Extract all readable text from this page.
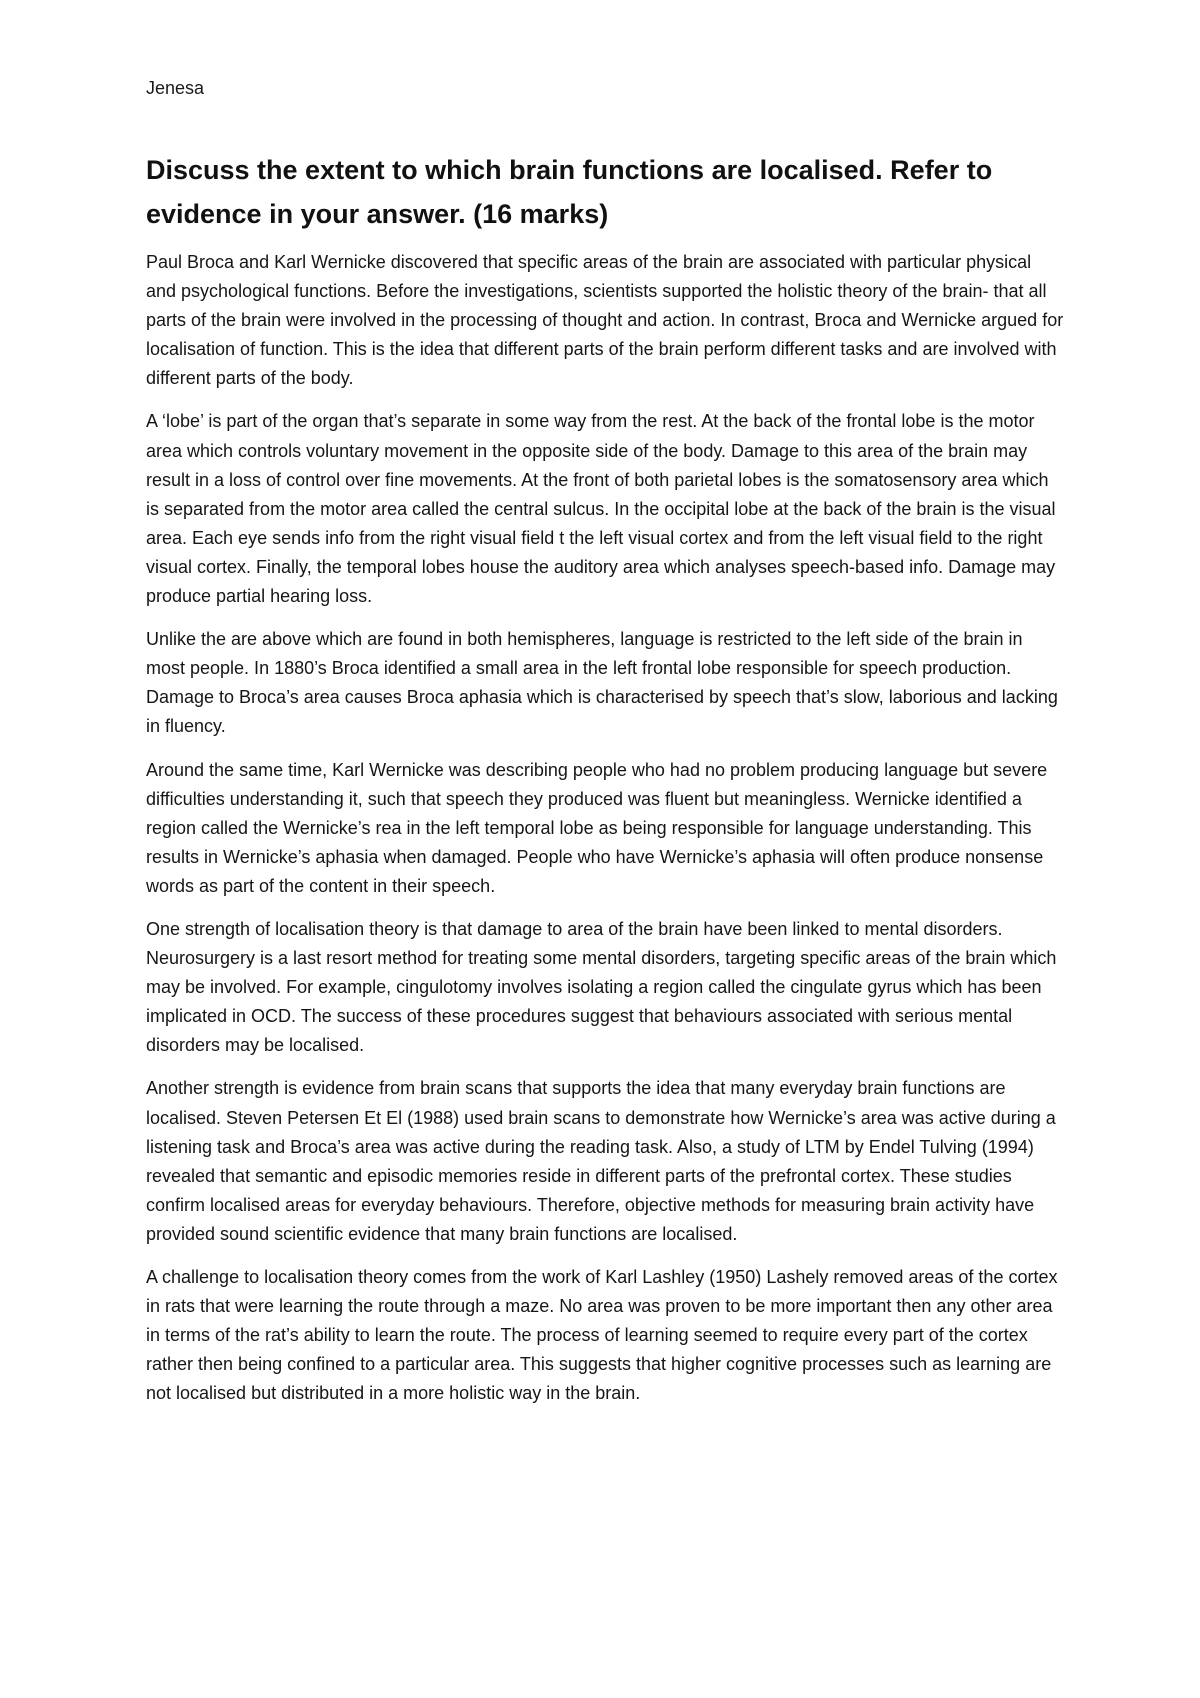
Jenesa
Discuss the extent to which brain functions are localised. Refer to evidence in your answer. (16 marks)

Paul Broca and Karl Wernicke discovered that specific areas of the brain are associated with particular physical and psychological functions. Before the investigations, scientists supported the holistic theory of the brain- that all parts of the brain were involved in the processing of thought and action. In contrast, Broca and Wernicke argued for localisation of function. This is the idea that different parts of the brain perform different tasks and are involved with different parts of the body.

A ‘lobe’ is part of the organ that’s separate in some way from the rest. At the back of the frontal lobe is the motor area which controls voluntary movement in the opposite side of the body. Damage to this area of the brain may result in a loss of control over fine movements. At the front of both parietal lobes is the somatosensory area which is separated from the motor area called the central sulcus. In the occipital lobe at the back of the brain is the visual area. Each eye sends info from the right visual field t the left visual cortex and from the left visual field to the right visual cortex. Finally, the temporal lobes house the auditory area which analyses speech-based info. Damage may produce partial hearing loss.

Unlike the are above which are found in both hemispheres, language is restricted to the left side of the brain in most people. In 1880’s Broca identified a small area in the left frontal lobe responsible for speech production. Damage to Broca’s area causes Broca aphasia which is characterised by speech that’s slow, laborious and lacking in fluency.

Around the same time, Karl Wernicke was describing people who had no problem producing language but severe difficulties understanding it, such that speech they produced was fluent but meaningless. Wernicke identified a region called the Wernicke’s rea in the left temporal lobe as being responsible for language understanding. This results in Wernicke’s aphasia when damaged. People who have Wernicke’s aphasia will often produce nonsense words as part of the content in their speech.

One strength of localisation theory is that damage to area of the brain have been linked to mental disorders. Neurosurgery is a last resort method for treating some mental disorders, targeting specific areas of the brain which may be involved. For example, cingulotomy involves isolating a region called the cingulate gyrus which has been implicated in OCD. The success of these procedures suggest that behaviours associated with serious mental disorders may be localised.

Another strength is evidence from brain scans that supports the idea that many everyday brain functions are localised. Steven Petersen Et El (1988) used brain scans to demonstrate how Wernicke’s area was active during a listening task and Broca’s area was active during the reading task. Also, a study of LTM by Endel Tulving (1994) revealed that semantic and episodic memories reside in different parts of the prefrontal cortex. These studies confirm localised areas for everyday behaviours. Therefore, objective methods for measuring brain activity have provided sound scientific evidence that many brain functions are localised.

A challenge to localisation theory comes from the work of Karl Lashley (1950) Lashely removed areas of the cortex in rats that were learning the route through a maze. No area was proven to be more important then any other area in terms of the rat’s ability to learn the route. The process of learning seemed to require every part of the cortex rather then being confined to a particular area. This suggests that higher cognitive processes such as learning are not localised but distributed in a more holistic way in the brain.
